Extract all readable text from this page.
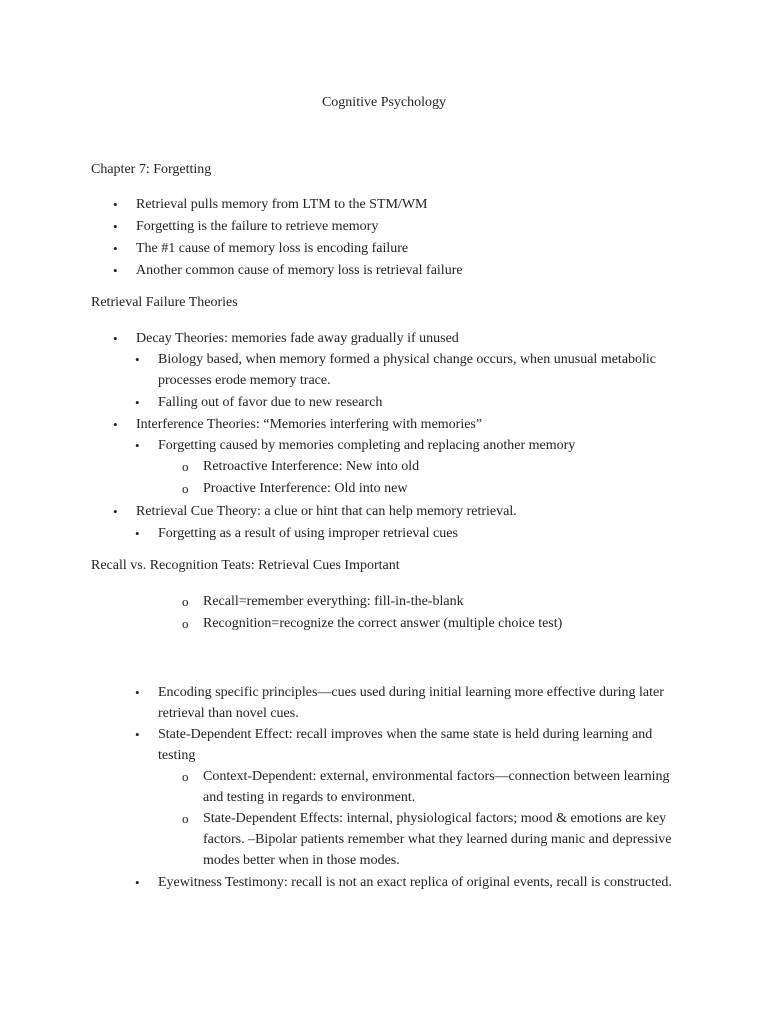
Cognitive Psychology
Chapter 7: Forgetting
• Retrieval pulls memory from LTM to the STM/WM
• Forgetting is the failure to retrieve memory
• The #1 cause of memory loss is encoding failure
• Another common cause of memory loss is retrieval failure
Retrieval Failure Theories
• Decay Theories: memories fade away gradually if unused
• Biology based, when memory formed a physical change occurs, when unusual metabolic processes erode memory trace.
• Falling out of favor due to new research
• Interference Theories: “Memories interfering with memories”
• Forgetting caused by memories completing and replacing another memory
o Retroactive Interference: New into old
o Proactive Interference: Old into new
• Retrieval Cue Theory: a clue or hint that can help memory retrieval.
• Forgetting as a result of using improper retrieval cues
Recall vs. Recognition Teats: Retrieval Cues Important
o Recall=remember everything: fill-in-the-blank
o Recognition=recognize the correct answer (multiple choice test)
• Encoding specific principles—cues used during initial learning more effective during later retrieval than novel cues.
• State-Dependent Effect: recall improves when the same state is held during learning and testing
o Context-Dependent: external, environmental factors—connection between learning and testing in regards to environment.
o State-Dependent Effects: internal, physiological factors; mood & emotions are key factors. –Bipolar patients remember what they learned during manic and depressive modes better when in those modes.
• Eyewitness Testimony: recall is not an exact replica of original events, recall is constructed.
